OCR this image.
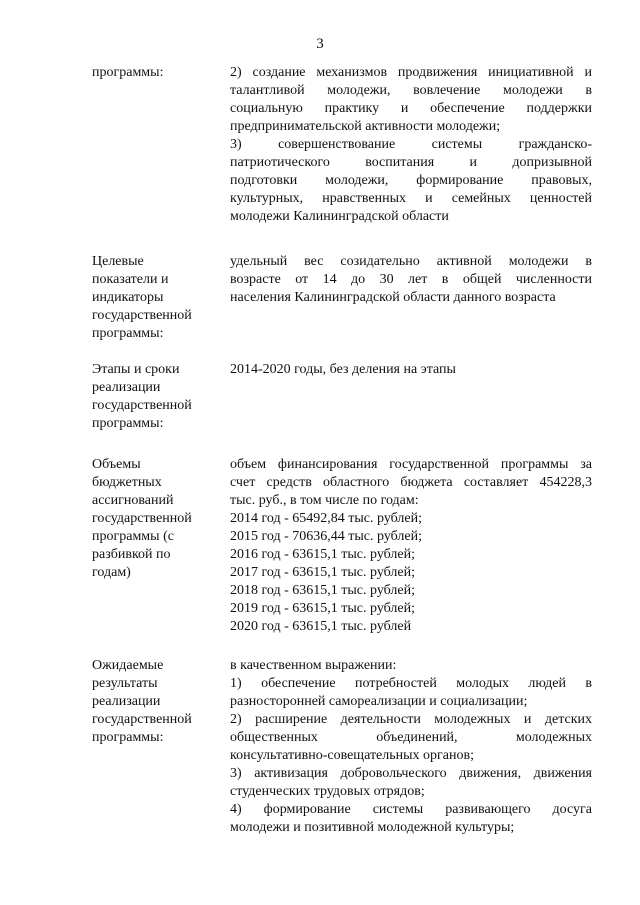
3
программы:	2) создание механизмов продвижения инициативной и
талантливой молодежи, вовлечение молодежи в
социальную практику и обеспечение поддержки
предпринимательской активности молодежи;
3) совершенствование системы гражданско-
патриотического воспитания и допризывной
подготовки молодежи, формирование правовых,
культурных, нравственных и семейных ценностей
молодежи Калининградской области
Целевые
показатели и
индикаторы
государственной
программы:
удельный вес созидательно активной молодежи в
возрасте от 14 до 30 лет в общей численности
населения Калининградской области данного возраста
Этапы и сроки
реализации
государственной
программы:
2014-2020 годы, без деления на этапы
Объемы
бюджетных
ассигнований
государственной
программы (с
разбивкой по
годам)
объем финансирования государственной программы за
счет средств областного бюджета составляет 454228,3
тыс. руб., в том числе по годам:
2014 год - 65492,84 тыс. рублей;
2015 год - 70636,44 тыс. рублей;
2016 год - 63615,1 тыс. рублей;
2017 год - 63615,1 тыс. рублей;
2018 год - 63615,1 тыс. рублей;
2019 год - 63615,1 тыс. рублей;
2020 год - 63615,1 тыс. рублей
Ожидаемые
результаты
реализации
государственной
программы:
в качественном выражении:
1) обеспечение потребностей молодых людей в
разносторонней самореализации и социализации;
2) расширение деятельности молодежных и детских
общественных объединений, молодежных
консультативно-совещательных органов;
3) активизация добровольческого движения, движения
студенческих трудовых отрядов;
4) формирование системы развивающего досуга
молодежи и позитивной молодежной культуры;
